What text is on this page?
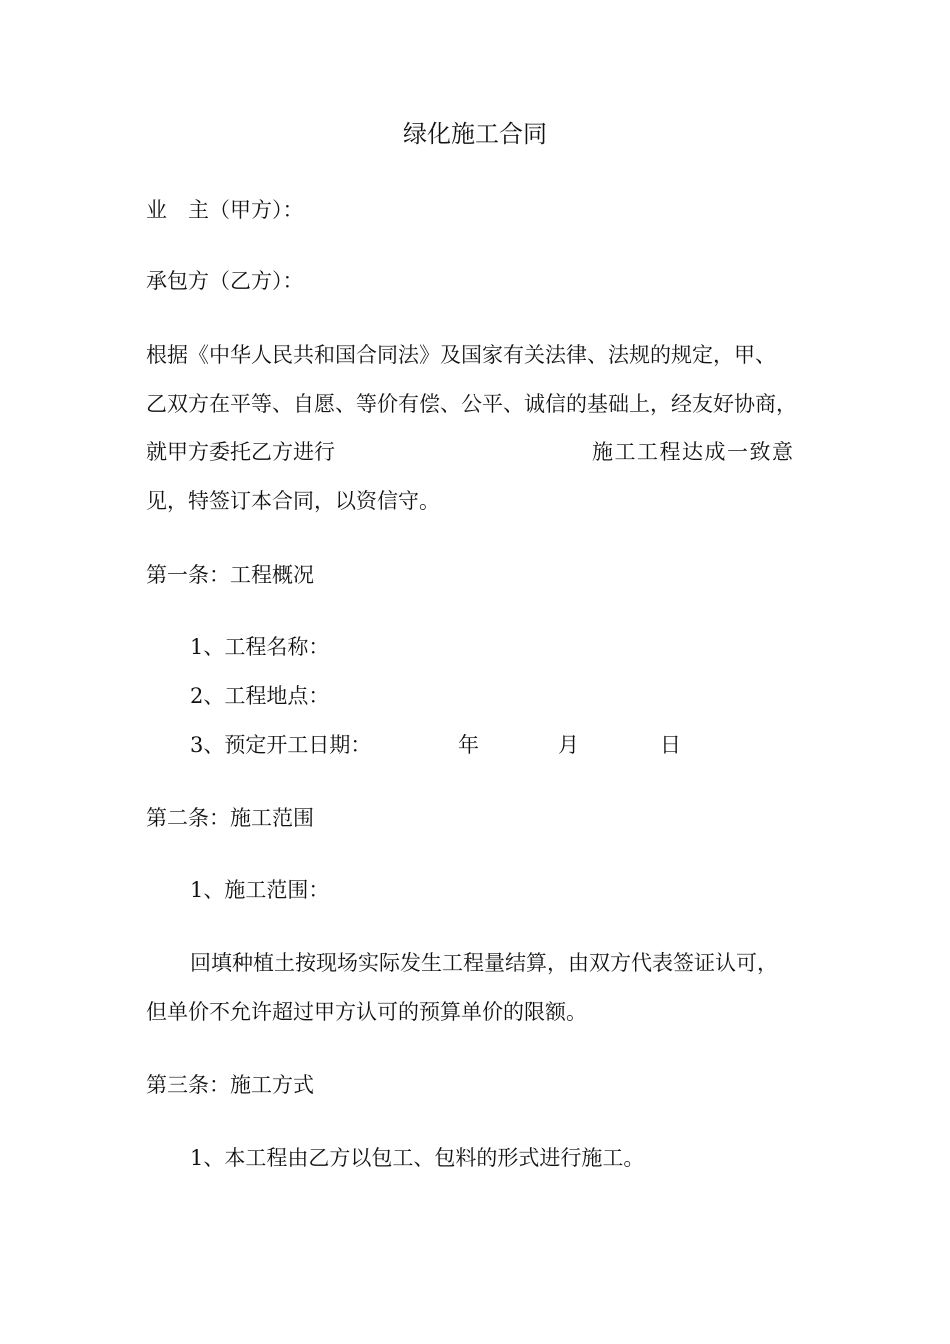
绿化施工合同
业　主（甲方）：
承包方（乙方）：
根据《中华人民共和国合同法》及国家有关法律、法规的规定，甲、
乙双方在平等、自愿、等价有偿、公平、诚信的基础上，经友好协商，
就甲方委托乙方进行	施工工程达成一致意
见，特签订本合同，以资信守。
第一条：工程概况
1、工程名称：
2、工程地点：
3、预定开工日期：	年	月	日
第二条：施工范围
1、施工范围：
回填种植土按现场实际发生工程量结算，由双方代表签证认可，
但单价不允许超过甲方认可的预算单价的限额。
第三条：施工方式
1、本工程由乙方以包工、包料的形式进行施工。
